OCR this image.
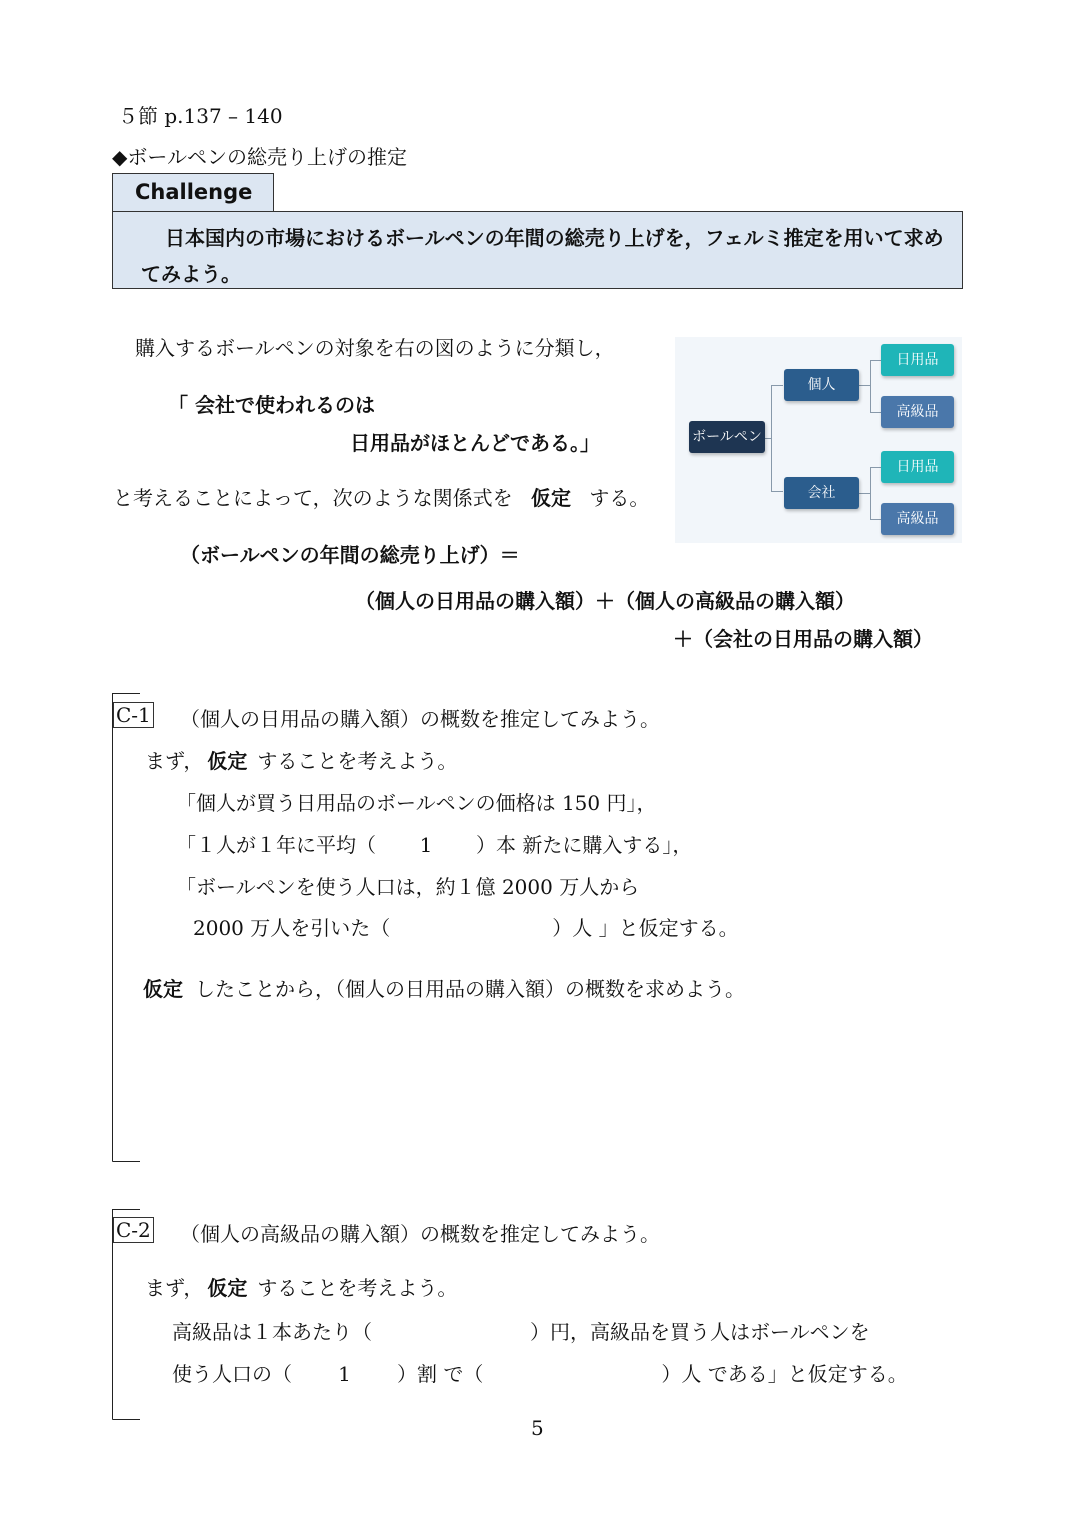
５節 p.137 – 140
◆ボールペンの総売り上げの推定
Challenge

日本国内の市場におけるボールペンの年間の総売り上げを，フェルミ推定を用いて求め

てみよう。

購入するボールペンの対象を右の図のように分類し，
「 会社で使われるのは
日用品がほとんどである。」
と考えることによって，次のような関係式を 仮定 する。
ボールペン
個人
会社
日用品
高級品
日用品
高級品
（ボールペンの年間の総売り上げ）＝
（個人の日用品の購入額）＋（個人の高級品の購入額）
＋（会社の日用品の購入額）
C-1 （個人の日用品の購入額）の概数を推定してみよう。
まず， 仮定 することを考えよう。
「個人が買う日用品のボールペンの価格は 150 円」，
「１人が１年に平均（ 1 ）本 新たに購入する」，
「ボールペンを使う人口は，約１億 2000 万人から
2000 万人を引いた（	）人 」と仮定する。
仮定 したことから，（個人の日用品の購入額）の概数を求めよう。
C-2 （個人の高級品の購入額）の概数を推定してみよう。
まず， 仮定 することを考えよう。
高級品は１本あたり（	）円，高級品を買う人はボールペンを
使う人口の（ 1 ）割 で（	）人 である」と仮定する。
5
